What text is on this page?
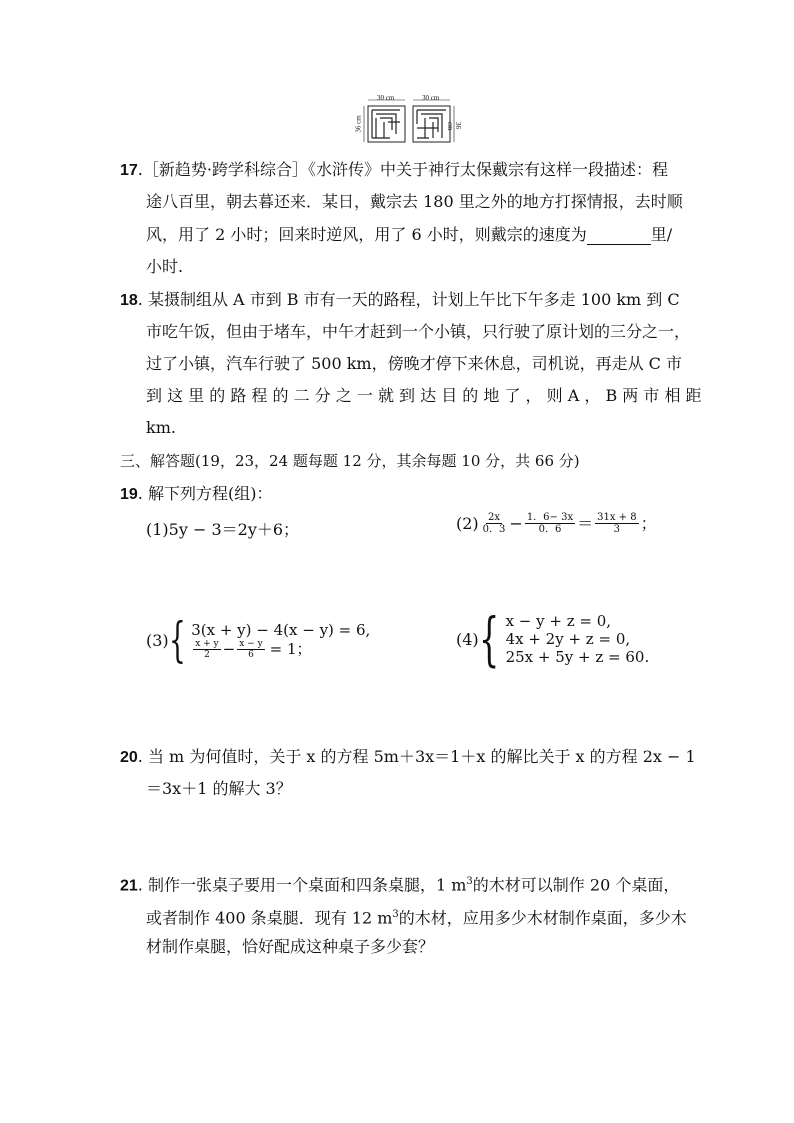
30 cm	30 cm
36 cm	36 cm
17.［新趋势·跨学科综合］《水浒传》中关于神行太保戴宗有这样一段描述：程
途八百里，朝去暮还来．某日，戴宗去 180 里之外的地方打探情报，去时顺
风，用了 2 小时；回来时逆风，用了 6 小时，则戴宗的速度为	里/
小时.
18. 某摄制组从 A 市到 B 市有一天的路程，计划上午比下午多走 100 km 到 C
市吃午饭，但由于堵车，中午才赶到一个小镇，只行驶了原计划的三分之一，
过了小镇，汽车行驶了 500 km，傍晚才停下来休息，司机说，再走从 C 市
到 这 里 的 路 程 的 二 分 之 一 就 到 达 目 的 地 了 ， 则 A ， B 两 市 相 距
km.
三、解答题(19，23，24 题每题 12 分，其余每题 10 分，共 66 分)
19. 解下列方程(组)：
(1)5y − 3＝2y＋6；	$(2) \frac{2x}{0.3} - \frac{1.6- 3x}{0.6} = \frac{31x + 8}{3}$ ；
(3) { 3(x + y) − 4(x − y) = 6,
$\frac{x + y}{2} - \frac{x - y}{6} = 1$；
(4) { x − y + z = 0,
4x + 2y + z = 0,
25x + 5y + z = 60.
20. 当 m 为何值时，关于 x 的方程 5m＋3x＝1＋x 的解比关于 x 的方程 2x − 1
＝3x＋1 的解大 3？
21. 制作一张桌子要用一个桌面和四条桌腿，1 $m^3$的木材可以制作 20 个桌面，
或者制作 400 条桌腿．现有 12 $m^3$的木材，应用多少木材制作桌面，多少木
材制作桌腿，恰好配成这种桌子多少套？
